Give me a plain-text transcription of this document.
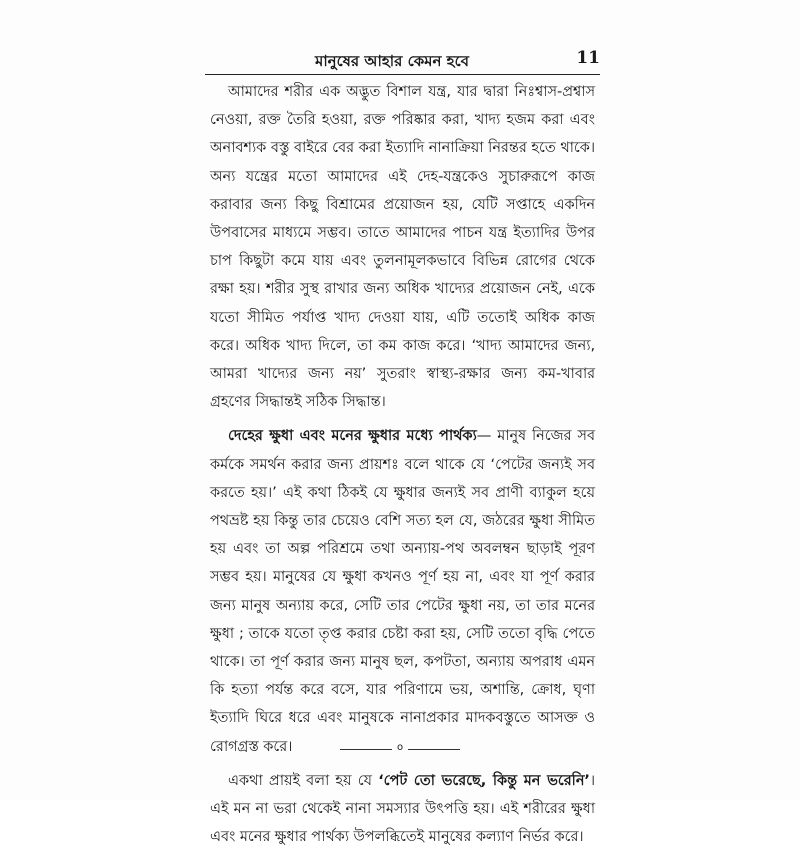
মানুষের আহার কেমন হবে	11

আমাদের শরীর এক অদ্ভুত বিশাল যন্ত্র, যার দ্বারা নিঃশ্বাস-প্রশ্বাস নেওয়া, রক্ত তৈরি হওয়া, রক্ত পরিষ্কার করা, খাদ্য হজম করা এবং অনাবশ্যক বস্তু বাইরে বের করা ইত্যাদি নানাক্রিয়া নিরন্তর হতে থাকে। অন্য যন্ত্রের মতো আমাদের এই দেহ-যন্ত্রকেও সুচারুরূপে কাজ করাবার জন্য কিছু বিশ্রামের প্রয়োজন হয়, যেটি সপ্তাহে একদিন উপবাসের মাধ্যমে সম্ভব। তাতে আমাদের পাচন যন্ত্র ইত্যাদির উপর চাপ কিছুটা কমে যায় এবং তুলনামূলকভাবে বিভিন্ন রোগের থেকে রক্ষা হয়। শরীর সুস্থ রাখার জন্য অধিক খাদ্যের প্রয়োজন নেই, একে যতো সীমিত পর্যাপ্ত খাদ্য দেওয়া যায়, এটি ততোই অধিক কাজ করে। অধিক খাদ্য দিলে, তা কম কাজ করে। ‘খাদ্য আমাদের জন্য, আমরা খাদ্যের জন্য নয়’ সুতরাং স্বাস্থ্য-রক্ষার জন্য কম-খাবার গ্রহণের সিদ্ধান্তই সঠিক সিদ্ধান্ত।

দেহের ক্ষুধা এবং মনের ক্ষুধার মধ্যে পার্থক্য— মানুষ নিজের সব কর্মকে সমর্থন করার জন্য প্রায়শঃ বলে থাকে যে ‘পেটের জন্যই সব করতে হয়।’ এই কথা ঠিকই যে ক্ষুধার জন্যই সব প্রাণী ব্যাকুল হয়ে পথভ্রষ্ট হয় কিন্তু তার চেয়েও বেশি সত্য হল যে, জঠরের ক্ষুধা সীমিত হয় এবং তা অল্প পরিশ্রমে তথা অন্যায়-পথ অবলম্বন ছাড়াই পূরণ সম্ভব হয়। মানুষের যে ক্ষুধা কখনও পূর্ণ হয় না, এবং যা পূর্ণ করার জন্য মানুষ অন্যায় করে, সেটি তার পেটের ক্ষুধা নয়, তা তার মনের ক্ষুধা ; তাকে যতো তৃপ্ত করার চেষ্টা করা হয়, সেটি ততো বৃদ্ধি পেতে থাকে। তা পূর্ণ করার জন্য মানুষ ছল, কপটতা, অন্যায় অপরাধ এমন কি হত্যা পর্যন্ত করে বসে, যার পরিণামে ভয়, অশান্তি, ক্রোধ, ঘৃণা ইত্যাদি ঘিরে ধরে এবং মানুষকে নানাপ্রকার মাদকবস্তুতে আসক্ত ও রোগগ্রস্ত করে।

একথা প্রায়ই বলা হয় যে ‘পেট তো ভরেছে, কিন্তু মন ভরেনি’। এই মন না ভরা থেকেই নানা সমস্যার উৎপত্তি হয়। এই শরীরের ক্ষুধা এবং মনের ক্ষুধার পার্থক্য উপলব্ধিতেই মানুষের কল্যাণ নির্ভর করে।

o
